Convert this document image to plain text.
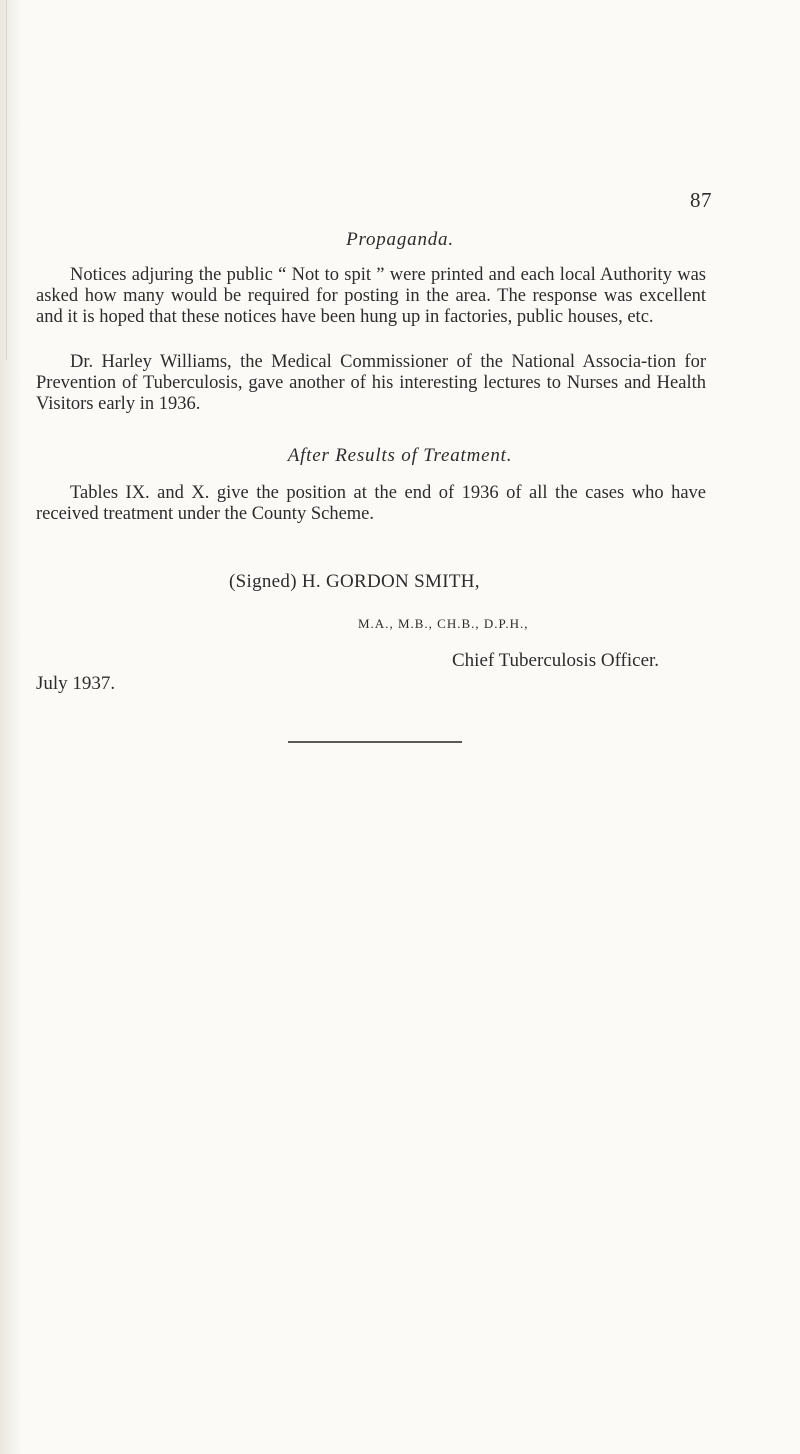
87
Propaganda.

Notices adjuring the public “ Not to spit ” were printed and each local Authority was asked how many would be required for posting in the area. The response was excellent and it is hoped that these notices have been hung up in factories, public houses, etc.

Dr. Harley Williams, the Medical Commissioner of the National Associa-tion for Prevention of Tuberculosis, gave another of his interesting lectures to Nurses and Health Visitors early in 1936.

After Results of Treatment.

Tables IX. and X. give the position at the end of 1936 of all the cases who have received treatment under the County Scheme.

(Signed) H. GORDON SMITH,
M.A., M.B., CH.B., D.P.H.,
Chief Tuberculosis Officer.
July 1937.
